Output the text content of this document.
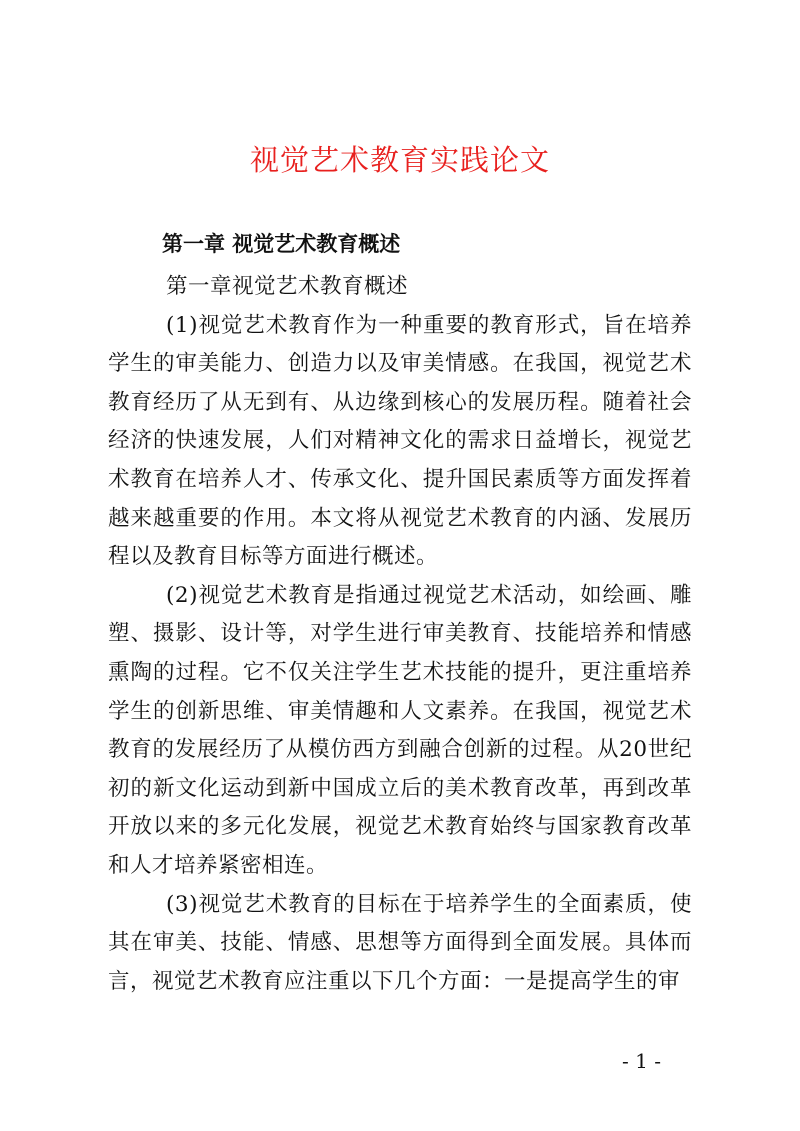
视觉艺术教育实践论文
第一章 视觉艺术教育概述

第一章视觉艺术教育概述

(1)视觉艺术教育作为一种重要的教育形式，旨在培养学生的审美能力、创造力以及审美情感。在我国，视觉艺术教育经历了从无到有、从边缘到核心的发展历程。随着社会经济的快速发展，人们对精神文化的需求日益增长，视觉艺术教育在培养人才、传承文化、提升国民素质等方面发挥着越来越重要的作用。本文将从视觉艺术教育的内涵、发展历程以及教育目标等方面进行概述。

(2)视觉艺术教育是指通过视觉艺术活动，如绘画、雕塑、摄影、设计等，对学生进行审美教育、技能培养和情感熏陶的过程。它不仅关注学生艺术技能的提升，更注重培养学生的创新思维、审美情趣和人文素养。在我国，视觉艺术教育的发展经历了从模仿西方到融合创新的过程。从20世纪初的新文化运动到新中国成立后的美术教育改革，再到改革开放以来的多元化发展，视觉艺术教育始终与国家教育改革和人才培养紧密相连。

(3)视觉艺术教育的目标在于培养学生的全面素质，使其在审美、技能、情感、思想等方面得到全面发展。具体而言，视觉艺术教育应注重以下几个方面：一是提高学生的审

- 1 -
